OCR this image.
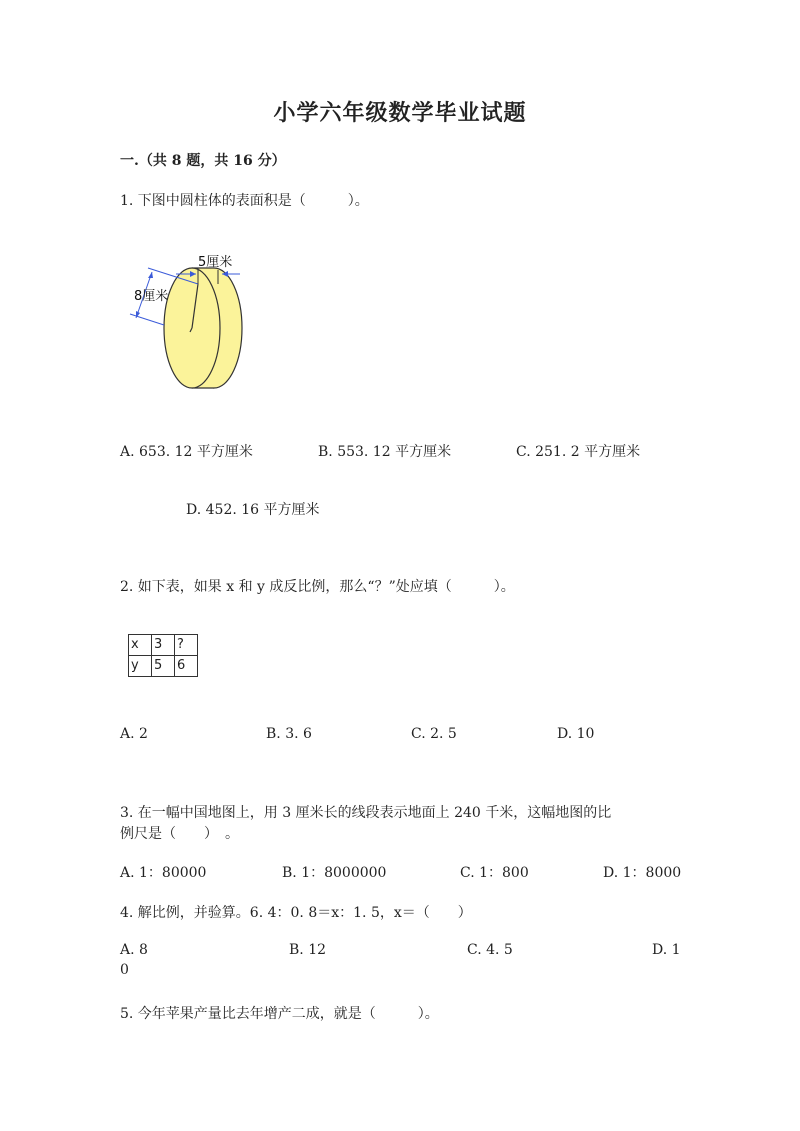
小学六年级数学毕业试题
一.（共 8 题，共 16 分）
1. 下图中圆柱体的表面积是（　　　）。
5厘米
8厘米
A. 653. 12 平方厘米	B. 553. 12 平方厘米	C. 251. 2 平方厘米
D. 452. 16 平方厘米
2. 如下表，如果 x 和 y 成反比例，那么“？”处应填（　　　）。
x	3	?
y	5	6
A. 2	B. 3. 6	C. 2. 5	D. 10
3. 在一幅中国地图上，用 3 厘米长的线段表示地面上 240 千米，这幅地图的比
例尺是（　　）　。
A. 1：80000	B. 1：8000000	C. 1：800	D. 1：8000
4. 解比例，并验算。6. 4：0. 8＝x：1. 5，x＝（　　）
A. 8	B. 12	C. 4. 5	D. 1
0
5. 今年苹果产量比去年增产二成，就是（　　　）。
